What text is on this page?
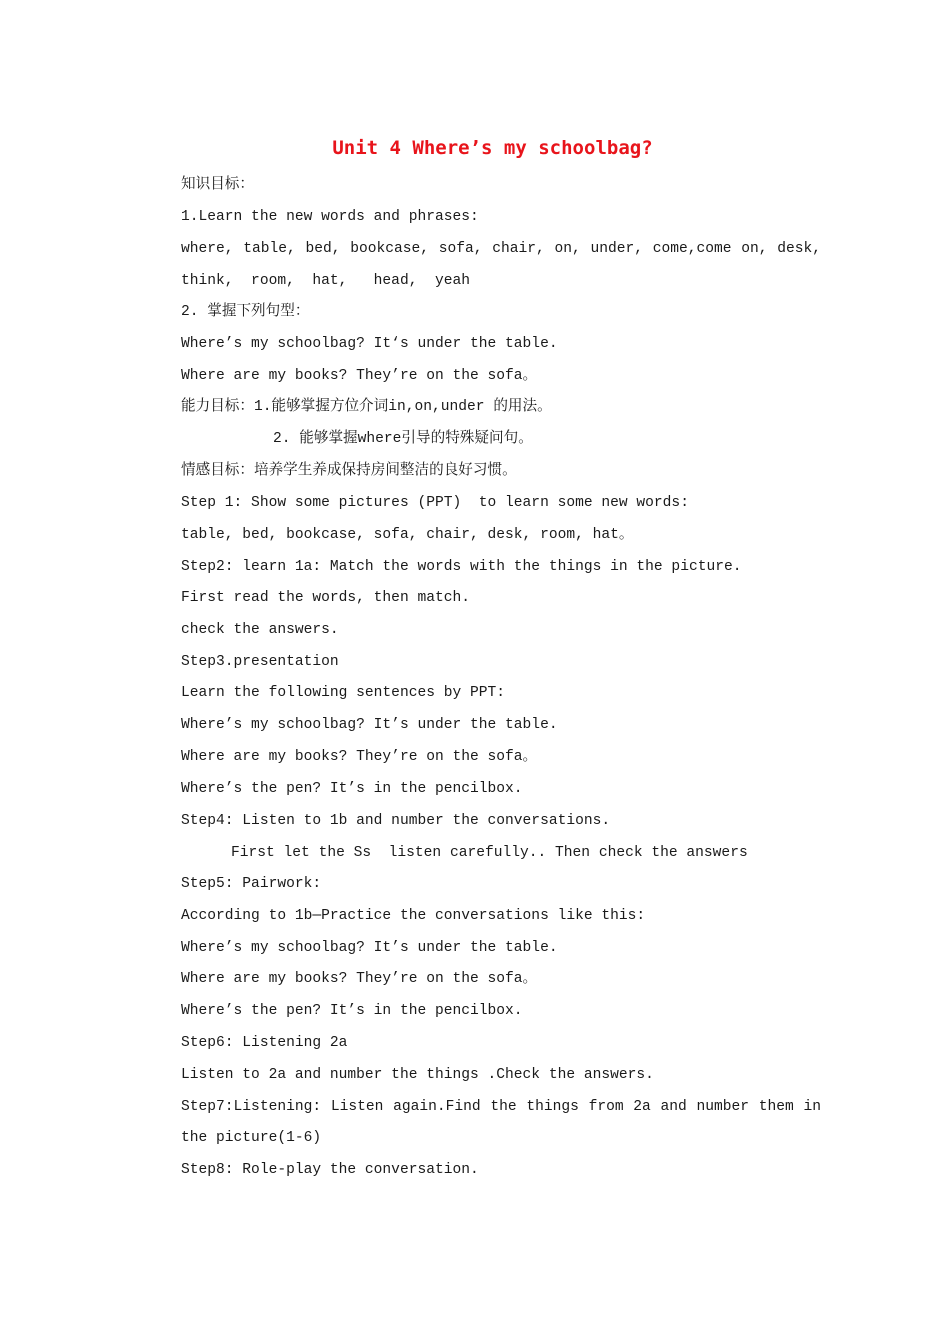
Unit 4 Where’s my schoolbag?
知识目标：
1.Learn the new words and phrases:
where, table, bed, bookcase, sofa, chair, on, under, come,come on, desk,
think,  room,  hat,   head,  yeah
2. 掌握下列句型：
Where’s my schoolbag? It‘s under the table.
Where are my books? They’re on the sofa。
能力目标：1.能够掌握方位介词in,on,under 的用法。
2. 能够掌握where引导的特殊疑问句。
情感目标：培养学生养成保持房间整洁的良好习惯。
Step 1: Show some pictures (PPT)  to learn some new words:
table, bed, bookcase, sofa, chair, desk, room, hat。
Step2: learn 1a: Match the words with the things in the picture.
First read the words, then match.
check the answers.
Step3.presentation
Learn the following sentences by PPT:
Where’s my schoolbag? It’s under the table.
Where are my books? They’re on the sofa。
Where’s the pen? It’s in the pencilbox.
Step4: Listen to 1b and number the conversations.
First let the Ss  listen carefully.. Then check the answers
Step5: Pairwork:
According to 1b—Practice the conversations like this:
Where’s my schoolbag? It’s under the table.
Where are my books? They’re on the sofa。
Where’s the pen? It’s in the pencilbox.
Step6: Listening 2a
Listen to 2a and number the things .Check the answers.
Step7:Listening: Listen again.Find the things from 2a and number them in
the picture(1-6)
Step8: Role-play the conversation.
